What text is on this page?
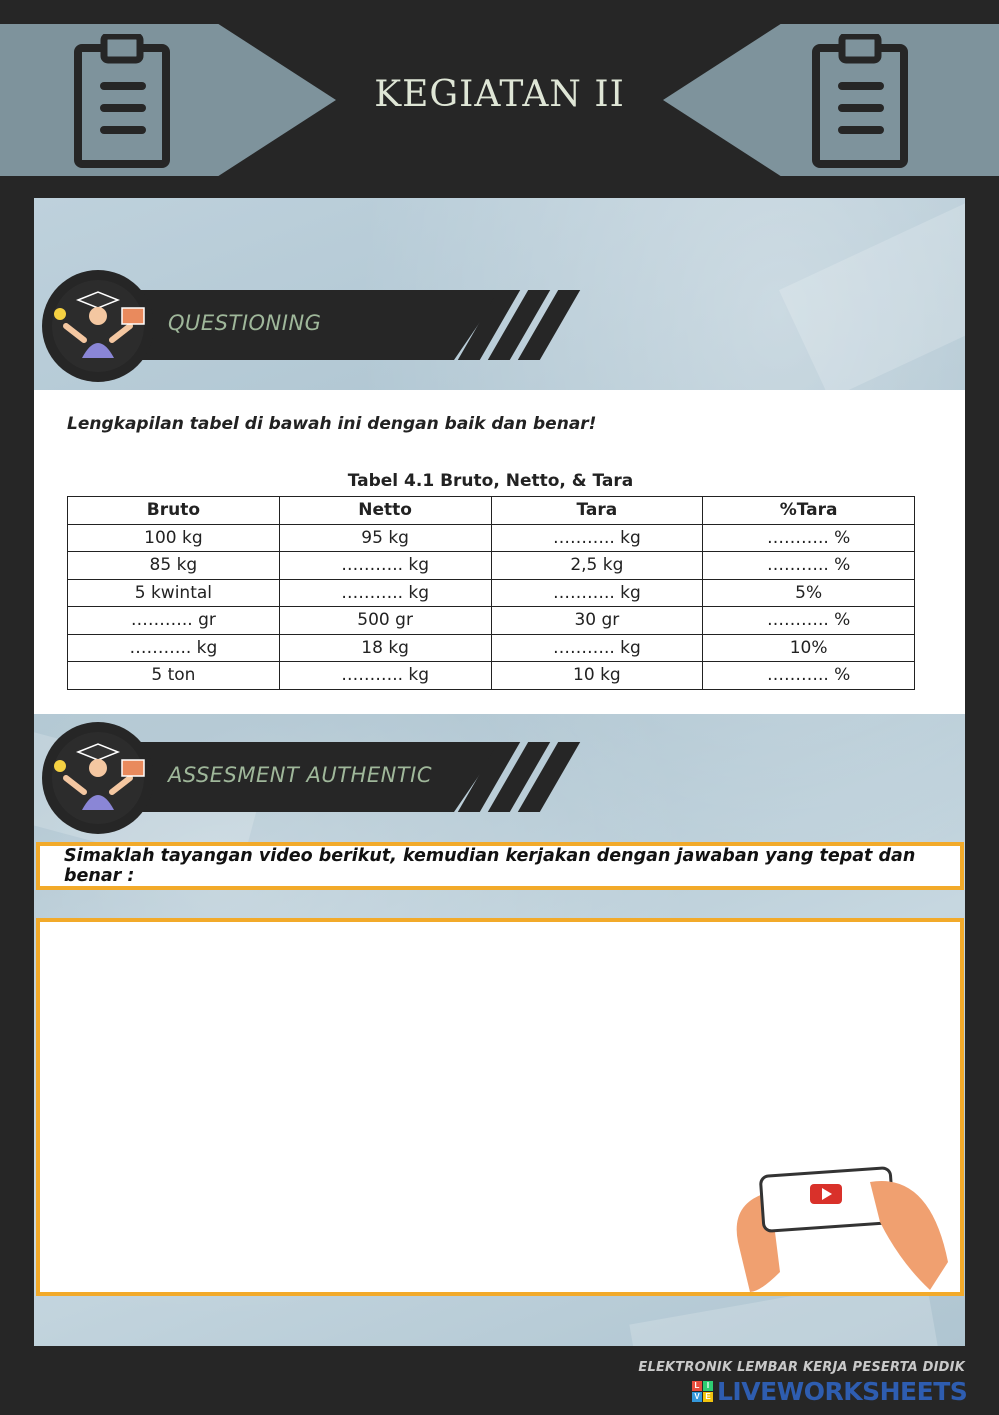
KEGIATAN II
QUESTIONING
Lengkapilan tabel di bawah ini dengan baik dan benar!
Tabel 4.1 Bruto, Netto, & Tara
Bruto	Netto	Tara	%Tara
100 kg	95 kg	……….. kg	……….. %
85 kg	……….. kg	2,5 kg	……….. %
5 kwintal	……….. kg	……….. kg	5%
……….. gr	500 gr	30 gr	……….. %
……….. kg	18 kg	……….. kg	10%
5 ton	……….. kg	10 kg	……….. %
ASSESMENT AUTHENTIC
Simaklah tayangan video berikut, kemudian kerjakan dengan jawaban yang tepat dan benar :
ELEKTRONIK LEMBAR KERJA PESERTA DIDIK
L I
V E LIVEWORKSHEETS
